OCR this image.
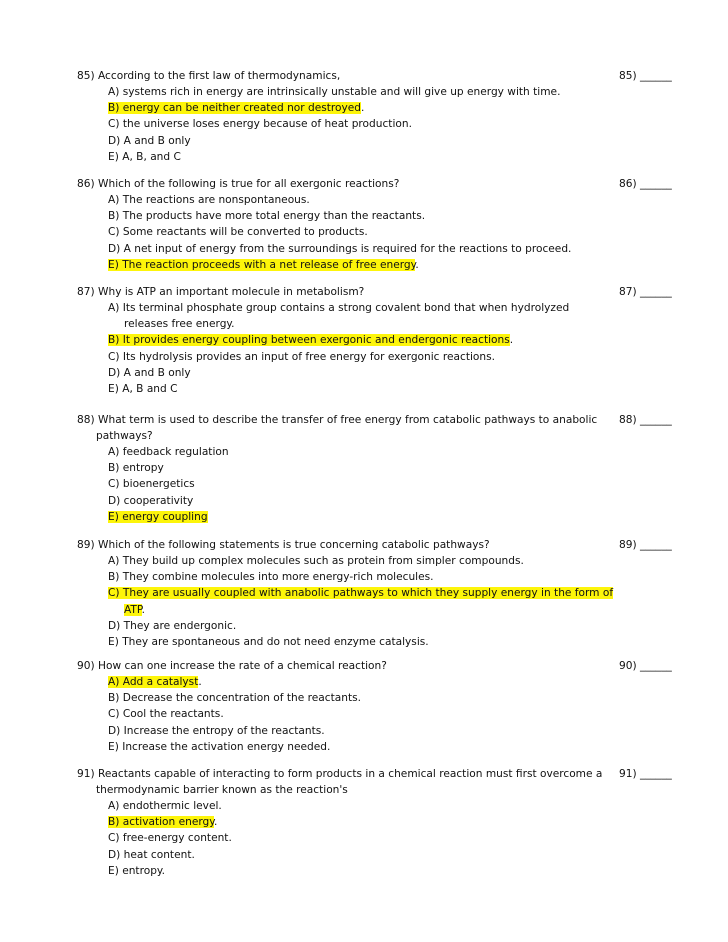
85) According to the first law of thermodynamics,	85) ______
A) systems rich in energy are intrinsically unstable and will give up energy with time.
B) energy can be neither created nor destroyed.
C) the universe loses energy because of heat production.
D) A and B only
E) A, B, and C
86) Which of the following is true for all exergonic reactions?	86) ______
A) The reactions are nonspontaneous.
B) The products have more total energy than the reactants.
C) Some reactants will be converted to products.
D) A net input of energy from the surroundings is required for the reactions to proceed.
E) The reaction proceeds with a net release of free energy.
87) Why is ATP an important molecule in metabolism?	87) ______
A) Its terminal phosphate group contains a strong covalent bond that when hydrolyzed releases free energy.
B) It provides energy coupling between exergonic and endergonic reactions.
C) Its hydrolysis provides an input of free energy for exergonic reactions.
D) A and B only
E) A, B and C
88) What term is used to describe the transfer of free energy from catabolic pathways to anabolic pathways?
88) ______
A) feedback regulation
B) entropy
C) bioenergetics
D) cooperativity
E) energy coupling
89) Which of the following statements is true concerning catabolic pathways?	89) ______
A) They build up complex molecules such as protein from simpler compounds.
B) They combine molecules into more energy-rich molecules.
C) They are usually coupled with anabolic pathways to which they supply energy in the form of ATP.
D) They are endergonic.
E) They are spontaneous and do not need enzyme catalysis.
90) How can one increase the rate of a chemical reaction?	90) ______
A) Add a catalyst.
B) Decrease the concentration of the reactants.
C) Cool the reactants.
D) Increase the entropy of the reactants.
E) Increase the activation energy needed.
91) Reactants capable of interacting to form products in a chemical reaction must first overcome a thermodynamic barrier known as the reaction's
91) ______
A) endothermic level.
B) activation energy.
C) free-energy content.
D) heat content.
E) entropy.
